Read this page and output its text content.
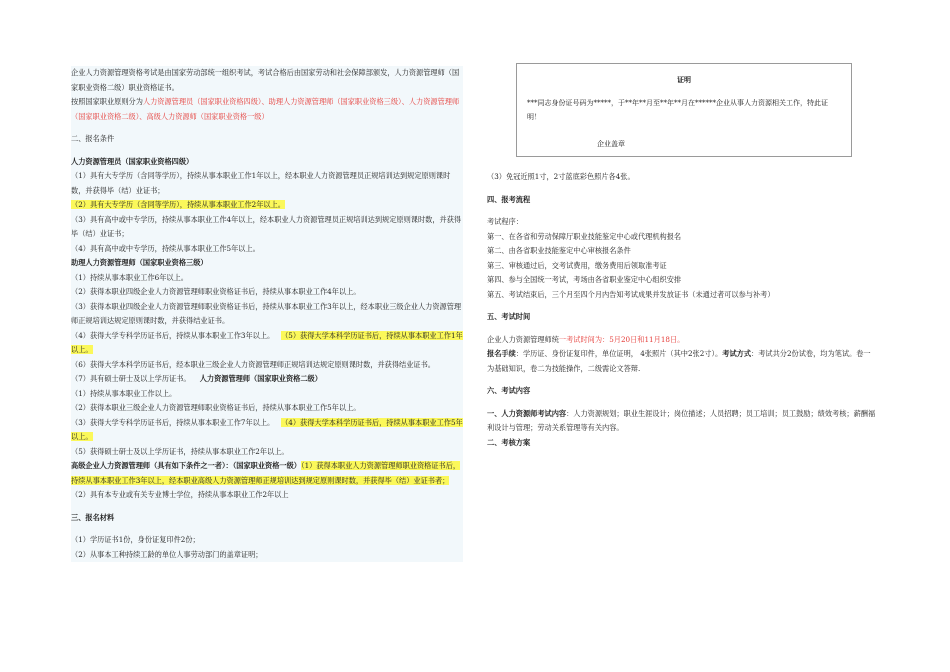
企业人力资源管理资格考试是由国家劳动部统一组织考试，考试合格后由国家劳动和社会保障部颁发，人力资源管理师（国家职业资格二级）职业资格证书。

按照国家职业原则分为人力资源管理员（国家职业资格四级）、助理人力资源管理师（国家职业资格三级）、人力资源管理师（国家职业资格二级）、高级人力资源师（国家职业资格一级）

二、报名条件

人力资源管理员（国家职业资格四级）

（1）具有大专学历（含同等学历），持续从事本职业工作1年以上，经本职业人力资源管理员正规培训达到规定原则课时数，并获得毕（结）业证书；

（2）具有大专学历（含同等学历），持续从事本职业工作2年以上。

（3）具有高中或中专学历，持续从事本职业工作4年以上，经本职业人力资源管理员正规培训达到规定原则课时数，并获得毕（结）业证书；

（4）具有高中或中专学历，持续从事本职业工作5年以上。

助理人力资源管理师（国家职业资格三级）

（1）持续从事本职业工作6年以上。

（2）获得本职业四级企业人力资源管理师职业资格证书后，持续从事本职业工作4年以上。

（3）获得本职业四级企业人力资源管理师职业资格证书后，持续从事本职业工作3年以上，经本职业三级企业人力资源管理师正规培训达规定原则课时数，并获得结业证书。

（4）获得大学专科学历证书后，持续从事本职业工作3年以上。 （5）获得大学本科学历证书后，持续从事本职业工作1年以上。

（6）获得大学本科学历证书后，经本职业三级企业人力资源管理师正规培训达规定原则课时数，并获得结业证书。

（7）具有硕士研士及以上学历证书。 人力资源管理师（国家职业资格二级）

（1）持续从事本职业工作以上。

（2）获得本职业三级企业人力资源管理师职业资格证书后，持续从事本职业工作5年以上。

（3）获得大学专科学历证书后，持续从事本职业工作7年以上。 （4）获得大学本科学历证书后，持续从事本职业工作5年以上。

（5）获得硕士研士及以上学历证书，持续从事本职业工作2年以上。

高级企业人力资源管理师（具有如下条件之一者）：（国家职业资格一级）（1）获得本职业人力资源管理师职业资格证书后，持续从事本职业工作3年以上，经本职业高级人力资源管理师正规培训达到规定原则课时数，并获得毕（结）业证书者；

（2）具有本专业或有关专业博士学位，持续从事本职业工作2年以上

三、报名材料

（1）学历证书1份，身份证复印件2份；

（2）从事本工种持续工龄的单位人事劳动部门的盖章证明；

证明
***同志身份证号码为*****，于**年**月至**年**月在******企业从事人力资源相关工作，特此证明！
企业盖章

（3）免冠近照1寸，2寸蓝底彩色照片各4张。

四、报考流程

考试程序：

第一、在各省和劳动保障厅职业技能鉴定中心或代理机构报名

第二、由各省职业技能鉴定中心审核报名条件

第三、审核通过后，交考试费用，缴务费用后领取准考证

第四、参与全国统一考试，考场由各省职业鉴定中心组织安排

第五、考试结束后，三个月至四个月内告知考试成果并发放证书（未通过者可以参与补考）

五、考试时间

企业人力资源管理师统一考试时间为：5月20日和11月18日。

报名手续：学历证、身份证复印件，单位证明， 4张照片（其中2张2寸）。考试方式：考试共分2份试卷，均为笔试。卷一为基础知识，卷二为技能操作，二级需论文答辩.

六、考试内容

一、人力资源师考试内容：人力资源规划；职业生涯设计；岗位描述；人员招聘；员工培训；员工鼓励；绩效考核；薪酬福利设计与管理；劳动关系管理等有关内容。

二、考核方案
